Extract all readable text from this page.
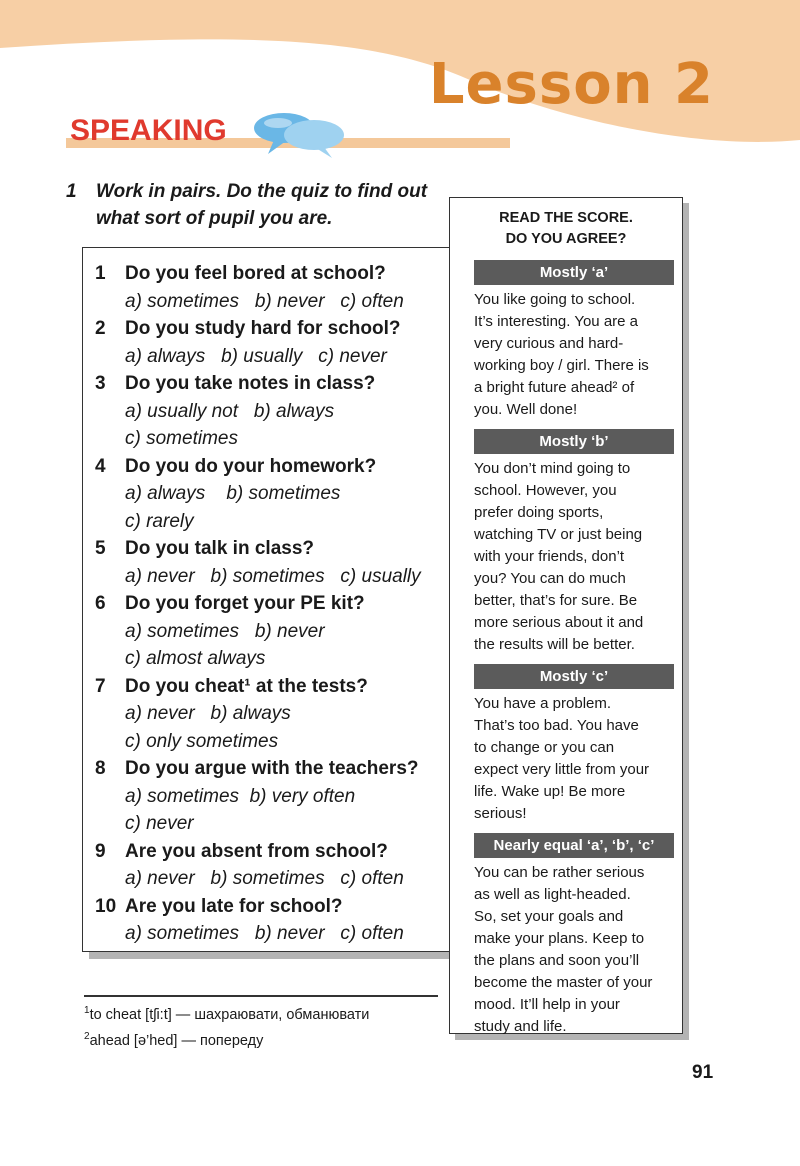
Lesson 2
SPEAKING
1 Work in pairs. Do the quiz to find out what sort of pupil you are.
1 Do you feel bored at school?
a) sometimes   b) never   c) often
2 Do you study hard for school?
a) always   b) usually   c) never
3 Do you take notes in class?
a) usually not   b) always
c) sometimes
4 Do you do your homework?
a) always    b) sometimes
c) rarely
5 Do you talk in class?
a) never   b) sometimes   c) usually
6 Do you forget your PE kit?
a) sometimes   b) never
c) almost always
7 Do you cheat¹ at the tests?
a) never   b) always
c) only sometimes
8 Do you argue with the teachers?
a) sometimes  b) very often
c) never
9 Are you absent from school?
a) never   b) sometimes   c) often
10 Are you late for school?
a) sometimes   b) never   c) often
READ THE SCORE.
DO YOU AGREE?
Mostly ‘a’
You like going to school.
It’s interesting. You are a
very curious and hard-
working boy / girl. There is
a bright future ahead² of
you. Well done!
Mostly ‘b’
You don’t mind going to
school. However, you
prefer doing sports,
watching TV or just being
with your friends, don’t
you? You can do much
better, that’s for sure. Be
more serious about it and
the results will be better.
Mostly ‘c’
You have a problem.
That’s too bad. You have
to change or you can
expect very little from your
life. Wake up! Be more
serious!
Nearly equal ‘a’, ‘b’, ‘c’
You can be rather serious
as well as light-headed.
So, set your goals and
make your plans. Keep to
the plans and soon you’ll
become the master of your
mood. It’ll help in your
study and life.
$^1$to cheat [tʃi:t] — шахраювати, обманювати
$^2$ahead [ə’hed] — попереду
91
